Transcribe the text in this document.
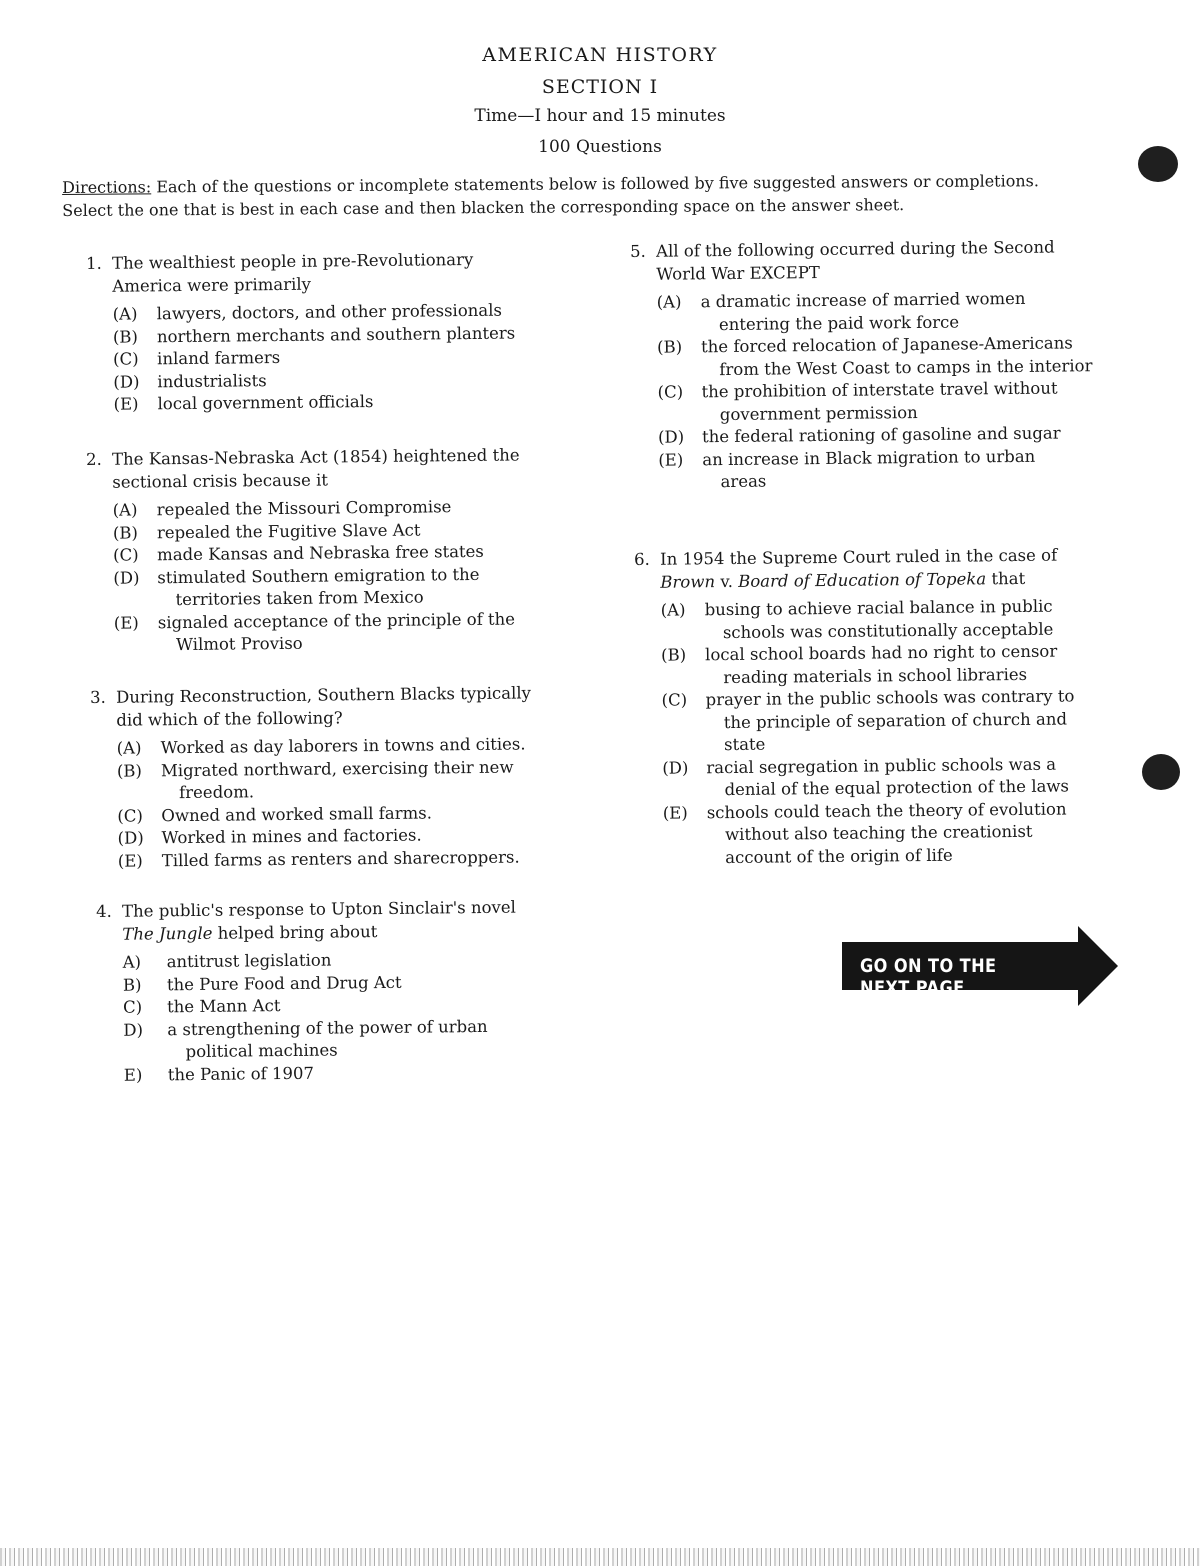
AMERICAN HISTORY
SECTION I
Time—I hour and 15 minutes
100 Questions
Directions: Each of the questions or incomplete statements below is followed by five suggested answers or completions. Select the one that is best in each case and then blacken the corresponding space on the answer sheet.
1. The wealthiest people in pre-Revolutionary America were primarily
(A)	lawyers, doctors, and other professionals
(B)	northern merchants and southern planters
(C)	inland farmers
(D)	industrialists
(E)	local government officials
2. The Kansas-Nebraska Act (1854) heightened the sectional crisis because it
(A)	repealed the Missouri Compromise
(B)	repealed the Fugitive Slave Act
(C)	made Kansas and Nebraska free states
(D)	stimulated Southern emigration to the
territories taken from Mexico
(E)	signaled acceptance of the principle of the
Wilmot Proviso
3. During Reconstruction, Southern Blacks typically did which of the following?
(A)	Worked as day laborers in towns and cities.
(B)	Migrated northward, exercising their new
freedom.
(C)	Owned and worked small farms.
(D)	Worked in mines and factories.
(E)	Tilled farms as renters and sharecroppers.
4. The public's response to Upton Sinclair's novel The Jungle helped bring about
A)	antitrust legislation
B)	the Pure Food and Drug Act
C)	the Mann Act
D)	a strengthening of the power of urban
political machines
E)	the Panic of 1907
5. All of the following occurred during the Second World War EXCEPT
(A)	a dramatic increase of married women
entering the paid work force
(B)	the forced relocation of Japanese-Americans
from the West Coast to camps in the interior
(C)	the prohibition of interstate travel without
government permission
(D)	the federal rationing of gasoline and sugar
(E)	an increase in Black migration to urban
areas
6. In 1954 the Supreme Court ruled in the case of Brown v. Board of Education of Topeka that
(A)	busing to achieve racial balance in public
schools was constitutionally acceptable
(B)	local school boards had no right to censor
reading materials in school libraries
(C)	prayer in the public schools was contrary to
the principle of separation of church and state
(D)	racial segregation in public schools was a
denial of the equal protection of the laws
(E)	schools could teach the theory of evolution
without also teaching the creationist account of the origin of life
GO ON TO THE NEXT PAGE
